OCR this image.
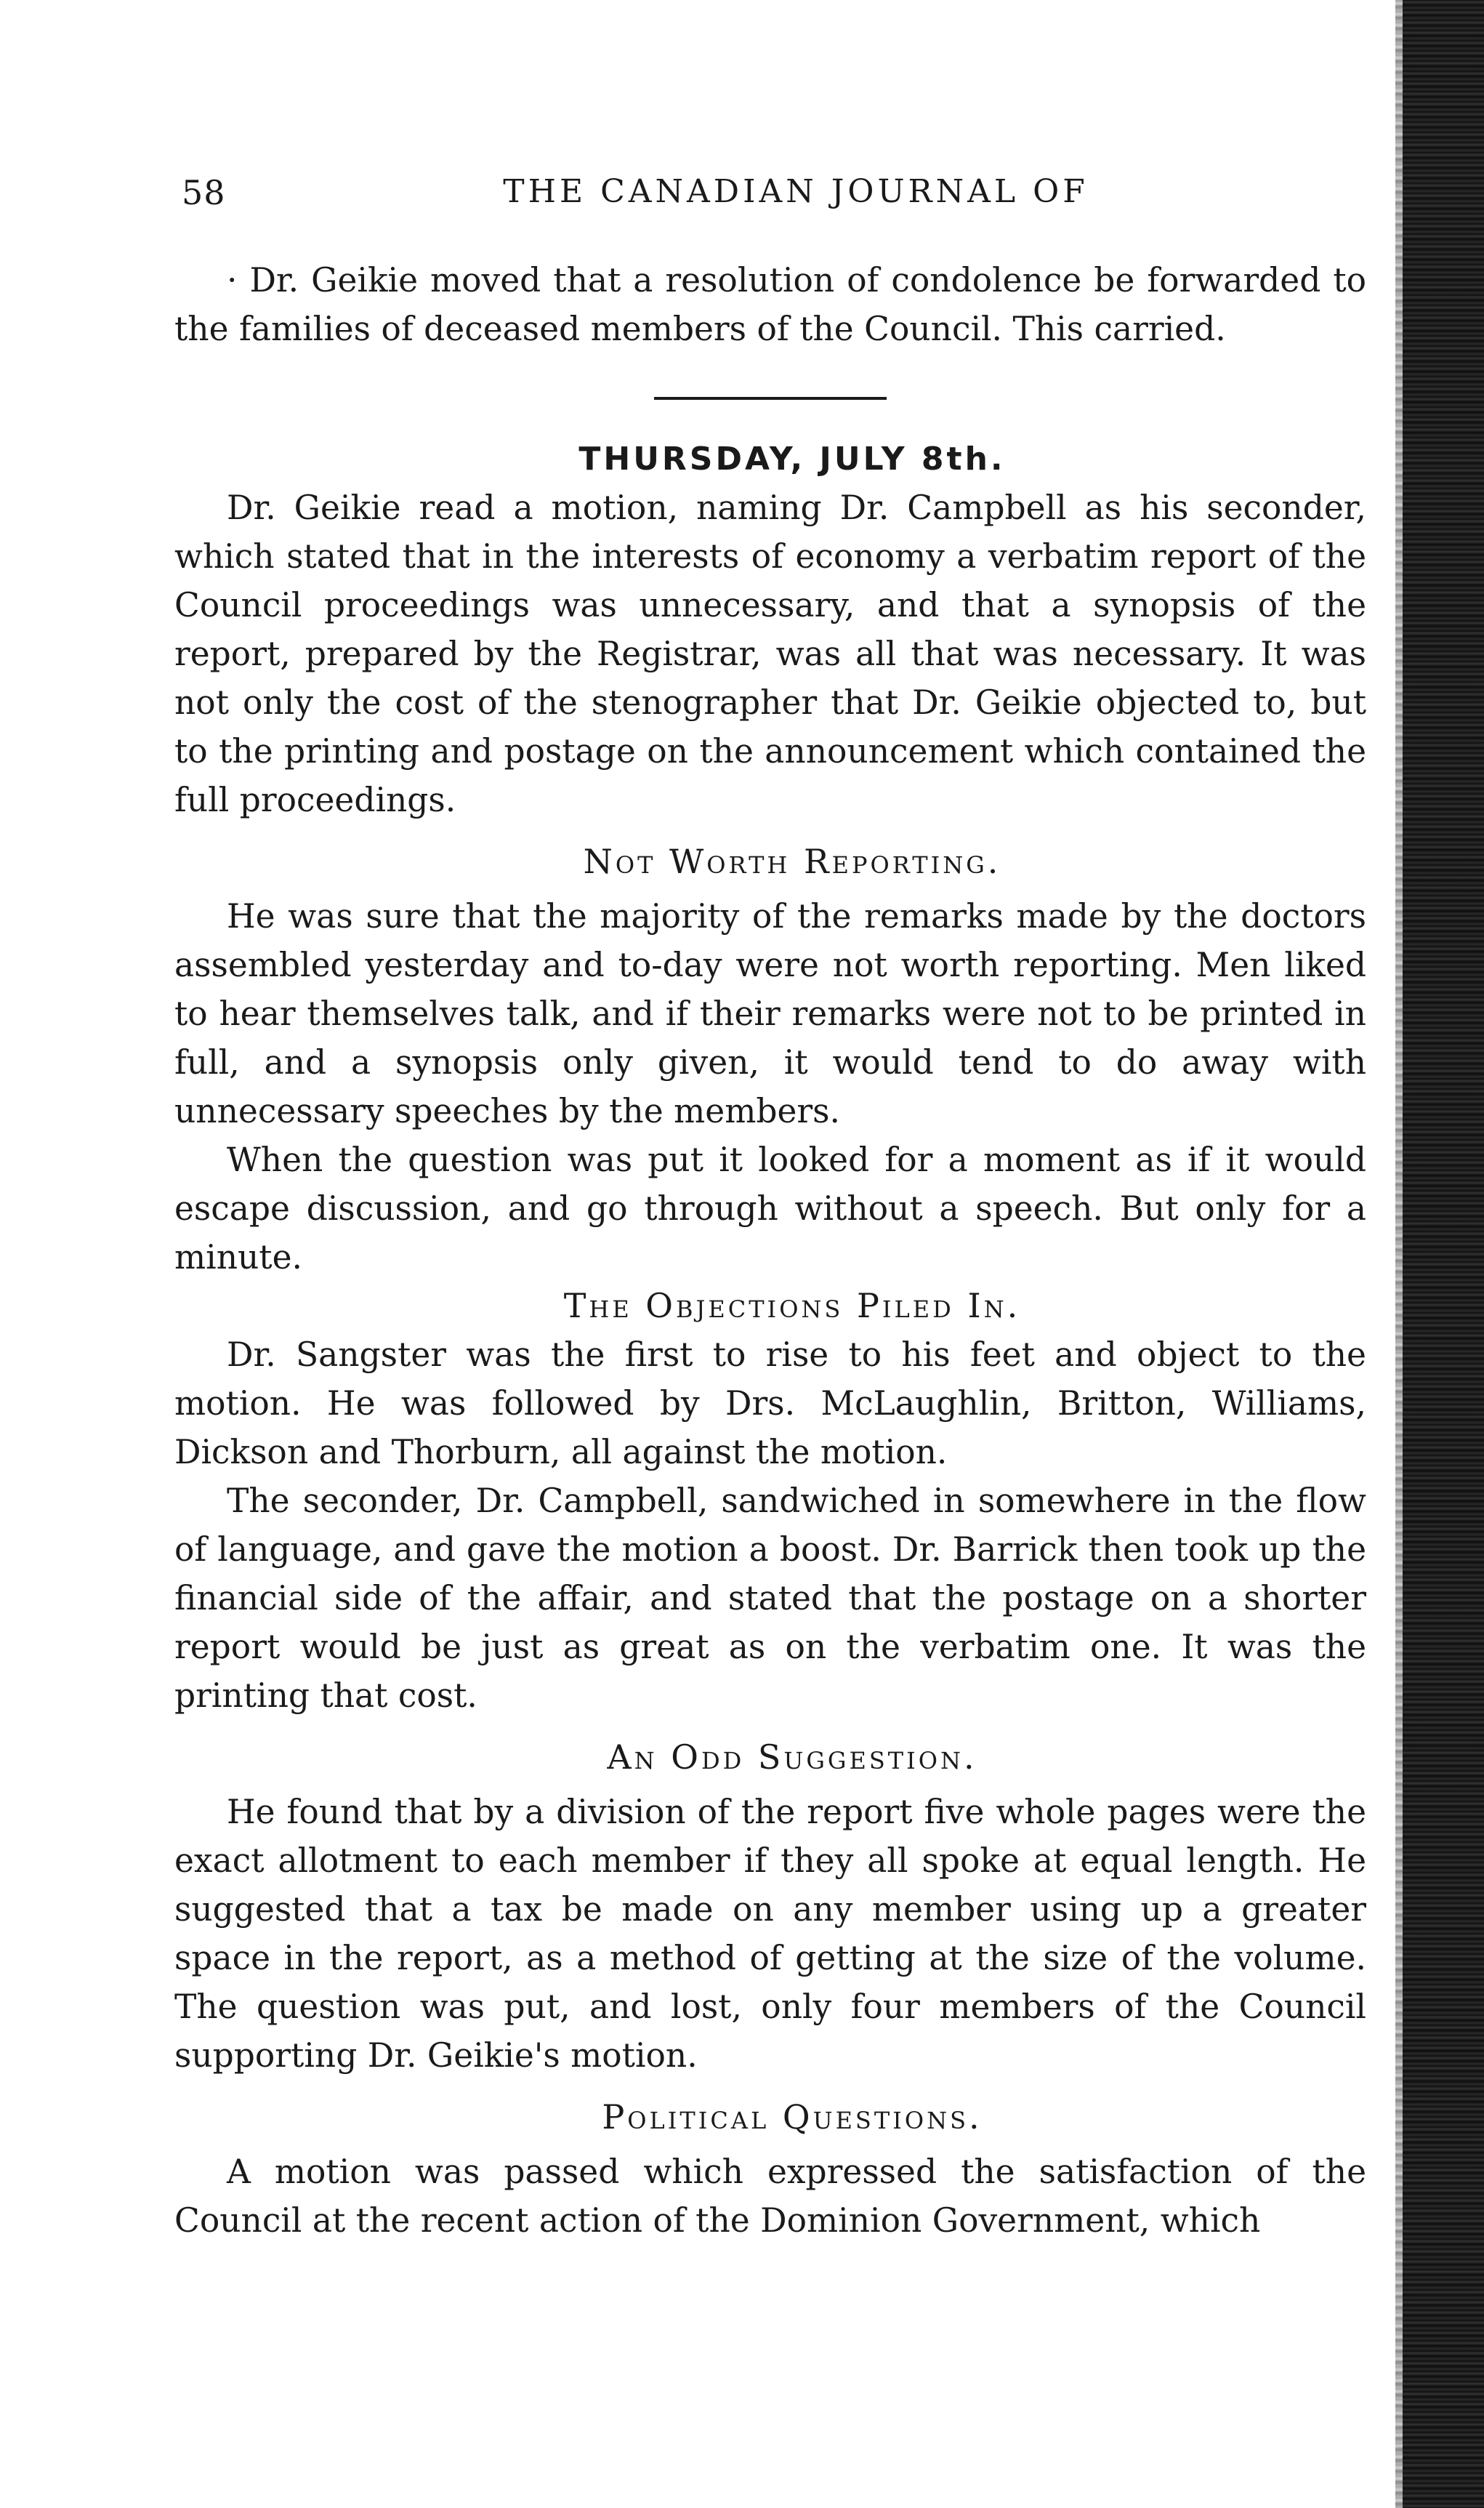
58	THE CANADIAN JOURNAL OF

· Dr. Geikie moved that a resolution of condolence be forwarded to the families of deceased members of the Council. This carried.

THURSDAY, JULY 8th.

Dr. Geikie read a motion, naming Dr. Campbell as his seconder, which stated that in the interests of economy a verbatim report of the Council proceedings was unnecessary, and that a synopsis of the report, prepared by the Registrar, was all that was necessary. It was not only the cost of the stenographer that Dr. Geikie objected to, but to the printing and postage on the announcement which contained the full proceedings.

Not Worth Reporting.

He was sure that the majority of the remarks made by the doctors assembled yesterday and to-day were not worth reporting. Men liked to hear themselves talk, and if their remarks were not to be printed in full, and a synopsis only given, it would tend to do away with unnecessary speeches by the members.

When the question was put it looked for a moment as if it would escape discussion, and go through without a speech. But only for a minute.

The Objections Piled In.

Dr. Sangster was the first to rise to his feet and object to the motion. He was followed by Drs. McLaughlin, Britton, Williams, Dickson and Thorburn, all against the motion.

The seconder, Dr. Campbell, sandwiched in somewhere in the flow of language, and gave the motion a boost. Dr. Barrick then took up the financial side of the affair, and stated that the postage on a shorter report would be just as great as on the verbatim one. It was the printing that cost.

An Odd Suggestion.

He found that by a division of the report five whole pages were the exact allotment to each member if they all spoke at equal length. He suggested that a tax be made on any member using up a greater space in the report, as a method of getting at the size of the volume. The question was put, and lost, only four members of the Council supporting Dr. Geikie's motion.

Political Questions.

A motion was passed which expressed the satisfaction of the Council at the recent action of the Dominion Government, which
